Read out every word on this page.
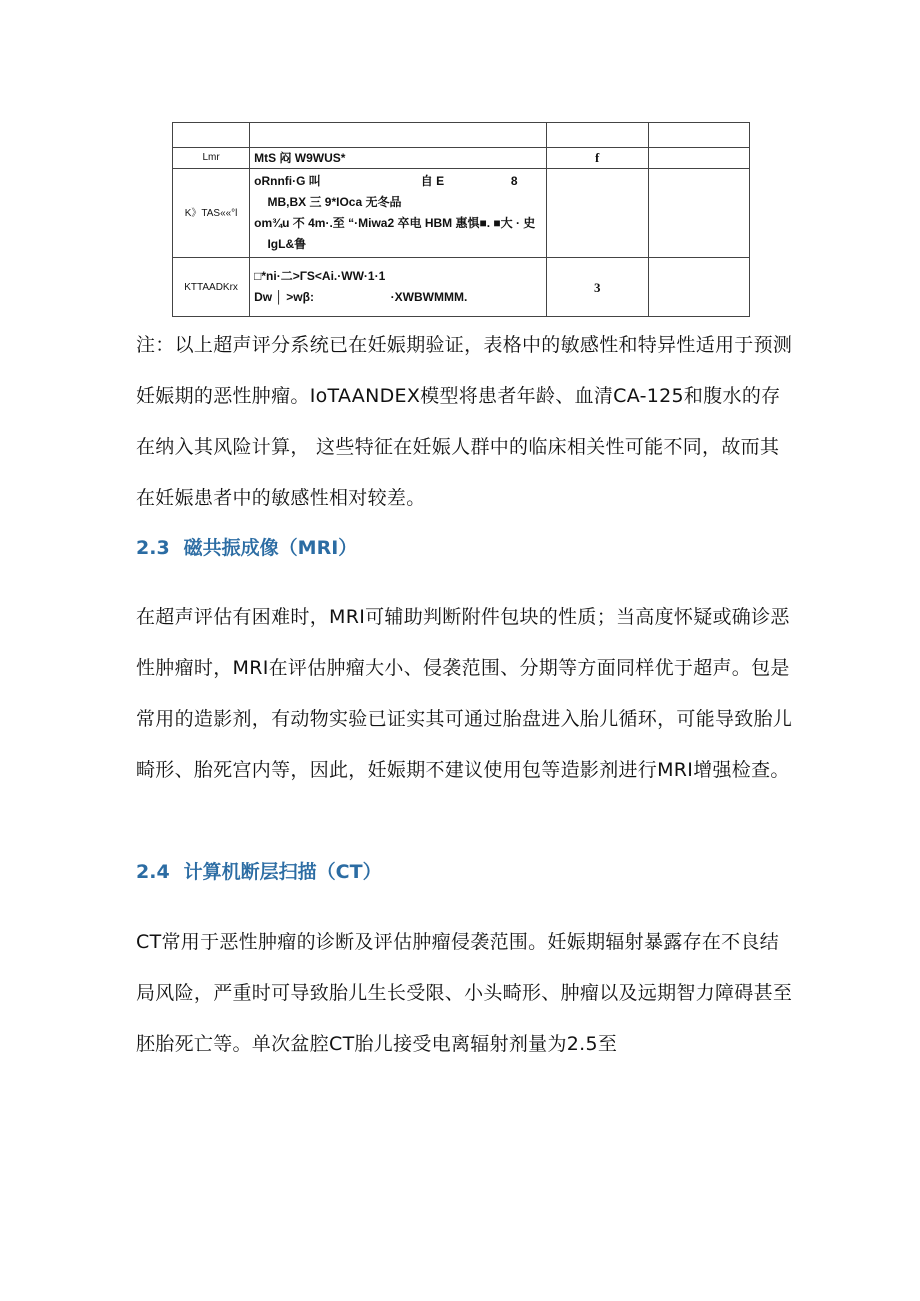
Lmr	MtS 闷 W9WUS*	f	
K》TAS««°l	oRnnfi·G 叫                              自 E                    8
MB,BX 三 9*IOca 无冬品
om¾u 不 4m·.至 “·Miwa2 卒电 HBM 惠惧■. ■大 · 史
IgL&鲁		

KTTAADKrx	□*ni·二>ΓS<Ai.·WW·1·1
Dw │ >wβ:                       ·XWBWMMM.	3	

注：以上超声评分系统已在妊娠期验证，表格中的敏感性和特异性适用于预测妊娠期的恶性肿瘤。IoTAANDEX模型将患者年龄、血清CA-125和腹水的存在纳入其风险计算， 这些特征在妊娠人群中的临床相关性可能不同，故而其在妊娠患者中的敏感性相对较差。

2.3 磁共振成像（MRI）

在超声评估有困难时，MRI可辅助判断附件包块的性质；当高度怀疑或确诊恶性肿瘤时，MRI在评估肿瘤大小、侵袭范围、分期等方面同样优于超声。包是常用的造影剂，有动物实验已证实其可通过胎盘进入胎儿循环，可能导致胎儿畸形、胎死宫内等，因此，妊娠期不建议使用包等造影剂进行MRI增强检查。

2.4 计算机断层扫描（CT）

CT常用于恶性肿瘤的诊断及评估肿瘤侵袭范围。妊娠期辐射暴露存在不良结局风险，严重时可导致胎儿生长受限、小头畸形、肿瘤以及远期智力障碍甚至胚胎死亡等。单次盆腔CT胎儿接受电离辐射剂量为2.5至
